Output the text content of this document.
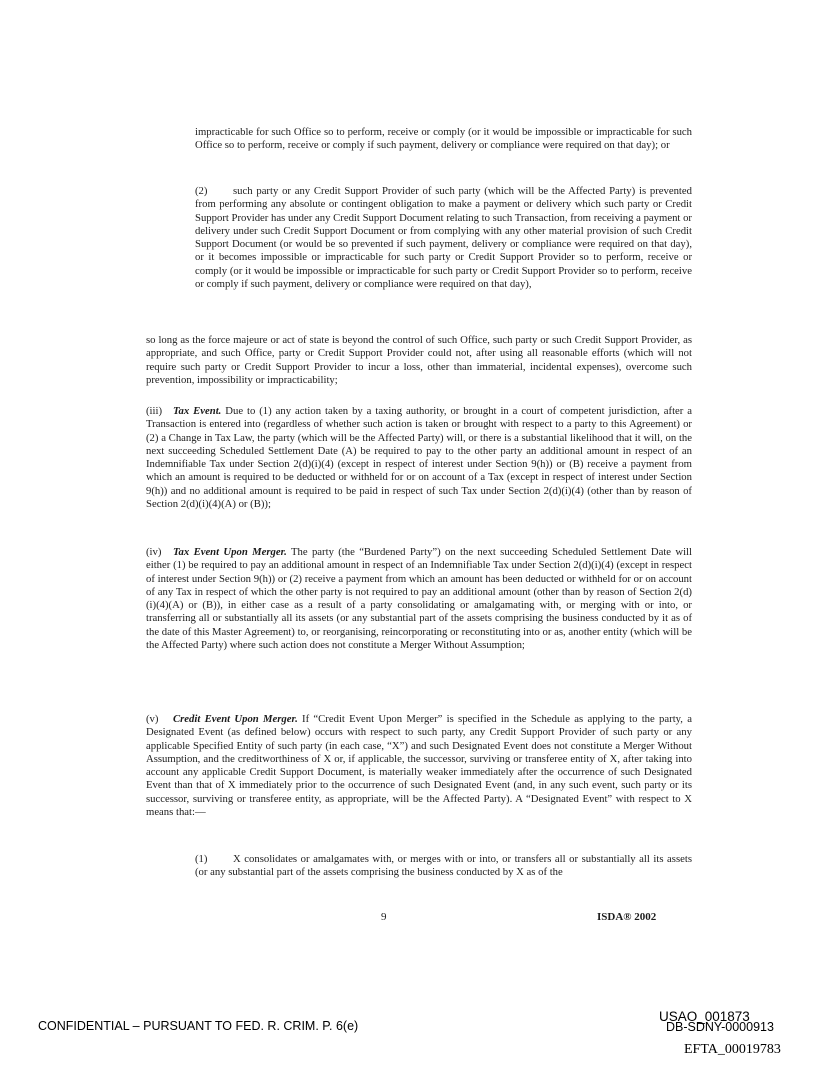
impracticable for such Office so to perform, receive or comply (or it would be impossible or impracticable for such Office so to perform, receive or comply if such payment, delivery or compliance were required on that day); or

(2) such party or any Credit Support Provider of such party (which will be the Affected Party) is prevented from performing any absolute or contingent obligation to make a payment or delivery which such party or Credit Support Provider has under any Credit Support Document relating to such Transaction, from receiving a payment or delivery under such Credit Support Document or from complying with any other material provision of such Credit Support Document (or would be so prevented if such payment, delivery or compliance were required on that day), or it becomes impossible or impracticable for such party or Credit Support Provider so to perform, receive or comply (or it would be impossible or impracticable for such party or Credit Support Provider so to perform, receive or comply if such payment, delivery or compliance were required on that day),

so long as the force majeure or act of state is beyond the control of such Office, such party or such Credit Support Provider, as appropriate, and such Office, party or Credit Support Provider could not, after using all reasonable efforts (which will not require such party or Credit Support Provider to incur a loss, other than immaterial, incidental expenses), overcome such prevention, impossibility or impracticability;

(iii) Tax Event. Due to (1) any action taken by a taxing authority, or brought in a court of competent jurisdiction, after a Transaction is entered into (regardless of whether such action is taken or brought with respect to a party to this Agreement) or (2) a Change in Tax Law, the party (which will be the Affected Party) will, or there is a substantial likelihood that it will, on the next succeeding Scheduled Settlement Date (A) be required to pay to the other party an additional amount in respect of an Indemnifiable Tax under Section 2(d)(i)(4) (except in respect of interest under Section 9(h)) or (B) receive a payment from which an amount is required to be deducted or withheld for or on account of a Tax (except in respect of interest under Section 9(h)) and no additional amount is required to be paid in respect of such Tax under Section 2(d)(i)(4) (other than by reason of Section 2(d)(i)(4)(A) or (B));

(iv) Tax Event Upon Merger. The party (the “Burdened Party”) on the next succeeding Scheduled Settlement Date will either (1) be required to pay an additional amount in respect of an Indemnifiable Tax under Section 2(d)(i)(4) (except in respect of interest under Section 9(h)) or (2) receive a payment from which an amount has been deducted or withheld for or on account of any Tax in respect of which the other party is not required to pay an additional amount (other than by reason of Section 2(d)(i)(4)(A) or (B)), in either case as a result of a party consolidating or amalgamating with, or merging with or into, or transferring all or substantially all its assets (or any substantial part of the assets comprising the business conducted by it as of the date of this Master Agreement) to, or reorganising, reincorporating or reconstituting into or as, another entity (which will be the Affected Party) where such action does not constitute a Merger Without Assumption;

(v) Credit Event Upon Merger. If “Credit Event Upon Merger” is specified in the Schedule as applying to the party, a Designated Event (as defined below) occurs with respect to such party, any Credit Support Provider of such party or any applicable Specified Entity of such party (in each case, “X”) and such Designated Event does not constitute a Merger Without Assumption, and the creditworthiness of X or, if applicable, the successor, surviving or transferee entity of X, after taking into account any applicable Credit Support Document, is materially weaker immediately after the occurrence of such Designated Event than that of X immediately prior to the occurrence of such Designated Event (and, in any such event, such party or its successor, surviving or transferee entity, as appropriate, will be the Affected Party). A “Designated Event” with respect to X means that:—

(1) X consolidates or amalgamates with, or merges with or into, or transfers all or substantially all its assets (or any substantial part of the assets comprising the business conducted by X as of the

9	ISDA® 2002
CONFIDENTIAL – PURSUANT TO FED. R. CRIM. P. 6(e)
USAO_001873
DB-SDNY-0000913
EFTA_00019783
